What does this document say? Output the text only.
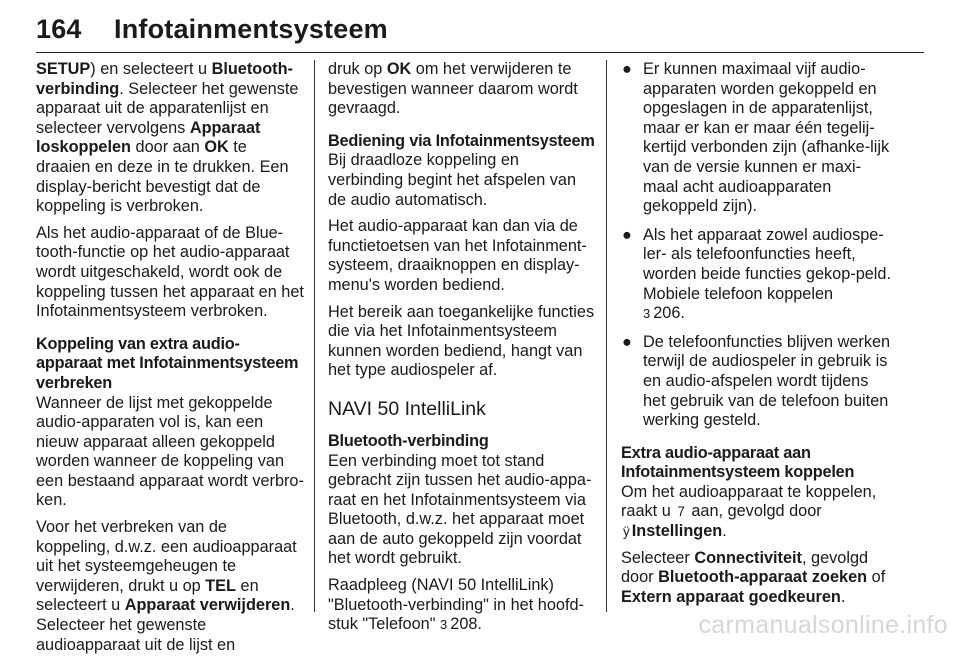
164 Infotainmentsysteem

SETUP) en selecteert u Bluetooth-verbinding. Selecteer het gewenste apparaat uit de apparatenlijst en selecteer vervolgens Apparaat loskoppelen door aan OK te draaien en deze in te drukken. Een display-bericht bevestigt dat de koppeling is verbroken.

Als het audio-apparaat of de Blue-tooth-functie op het audio-apparaat wordt uitgeschakeld, wordt ook de koppeling tussen het apparaat en het Infotainmentsysteem verbroken.

Koppeling van extra audio-apparaat met Infotainmentsysteem verbreken

Wanneer de lijst met gekoppelde audio-apparaten vol is, kan een nieuw apparaat alleen gekoppeld worden wanneer de koppeling van een bestaand apparaat wordt verbro-ken.

Voor het verbreken van de koppeling, d.w.z. een audioapparaat uit het systeemgeheugen te verwijderen, drukt u op TEL en selecteert u Apparaat verwijderen. Selecteer het gewenste audioapparaat uit de lijst en

druk op OK om het verwijderen te bevestigen wanneer daarom wordt gevraagd.

Bediening via Infotainmentsysteem

Bij draadloze koppeling en verbinding begint het afspelen van de audio automatisch.

Het audio-apparaat kan dan via de functietoetsen van het Infotainment-systeem, draaiknoppen en display-menu's worden bediend.

Het bereik aan toegankelijke functies die via het Infotainmentsysteem kunnen worden bediend, hangt van het type audiospeler af.

NAVI 50 IntelliLink

Bluetooth-verbinding

Een verbinding moet tot stand gebracht zijn tussen het audio-appa-raat en het Infotainmentsysteem via Bluetooth, d.w.z. het apparaat moet aan de auto gekoppeld zijn voordat het wordt gebruikt.

Raadpleeg (NAVI 50 IntelliLink) "Bluetooth-verbinding" in het hoofd-stuk "Telefoon" 3 208.

● Er kunnen maximaal vijf audio-apparaten worden gekoppeld en opgeslagen in de apparatenlijst, maar er kan er maar één tegelij-kertijd verbonden zijn (afhanke-lijk van de versie kunnen er maxi-maal acht audioapparaten gekoppeld zijn).
● Als het apparaat zowel audiospe-ler- als telefoonfuncties heeft, worden beide functies gekop-peld. Mobiele telefoon koppelen
3 206.
● De telefoonfuncties blijven werken terwijl de audiospeler in gebruik is en audio-afspelen wordt tijdens het gebruik van de telefoon buiten werking gesteld.

Extra audio-apparaat aan Infotainmentsysteem koppelen

Om het audioapparaat te koppelen, raakt u 7 aan, gevolgd door
ÿ Instellingen.

Selecteer Connectiviteit, gevolgd door Bluetooth-apparaat zoeken of Extern apparaat goedkeuren.

carmanualsonline.info
